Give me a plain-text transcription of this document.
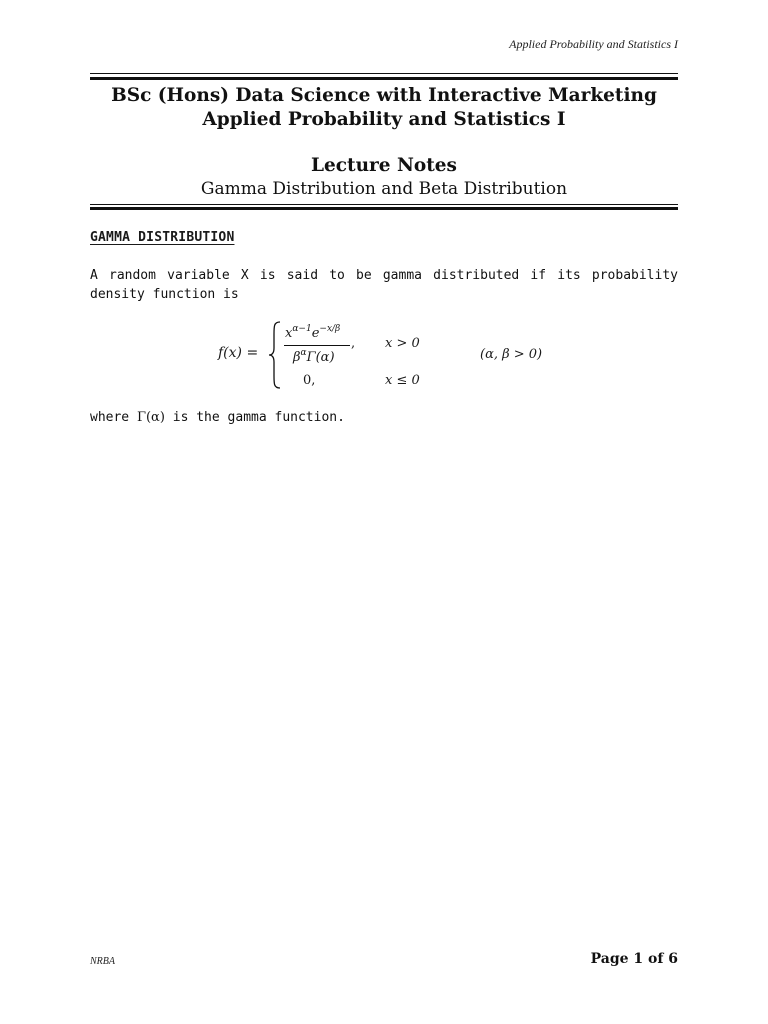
Applied Probability and Statistics I
BSc (Hons) Data Science with Interactive Marketing
Applied Probability and Statistics I
Lecture Notes
Gamma Distribution and Beta Distribution
GAMMA DISTRIBUTION
A random variable X is said to be gamma distributed if its probability density function is
f(x) =
$x^{\alpha-1}e^{-x/\beta}$
$\beta^\alpha\Gamma(\alpha)$
, x > 0
0,	x ≤ 0
(α, β > 0)
where Γ(α) is the gamma function.
NRBA	Page 1 of 6
